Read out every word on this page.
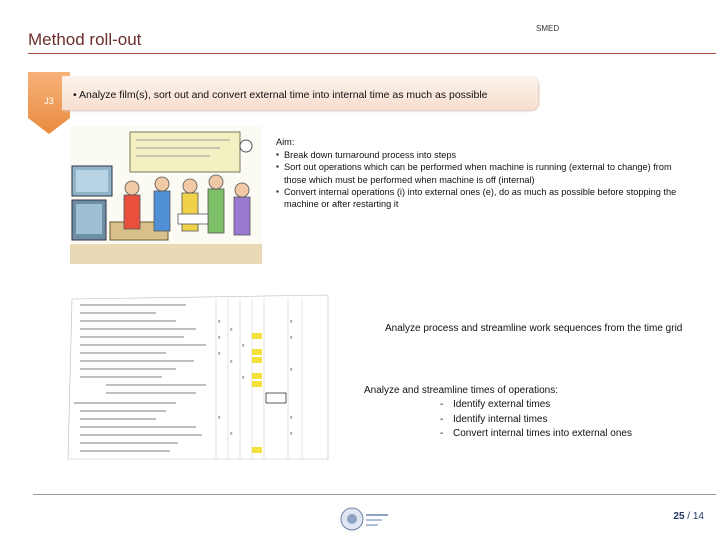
Method roll-out
SMED
J3	• Analyze film(s), sort out and convert external time into internal time as much as possible
Aim:
▪ Break down turnaround process into steps
▪ Sort out operations which can be performed when machine is running (external to change) from those which must be performed when machine is off (internal)
▪ Convert internal operations (i) into external ones (e), do as much as possible before stopping the machine or after restarting it
x
x
x
x
x
x
x
x
x
x
x
x
x
x
Analyze process and streamline work sequences from the time grid
Analyze and streamline times of operations:
- Identify external times
- Identify internal times
- Convert internal times into external ones
25 / 14
